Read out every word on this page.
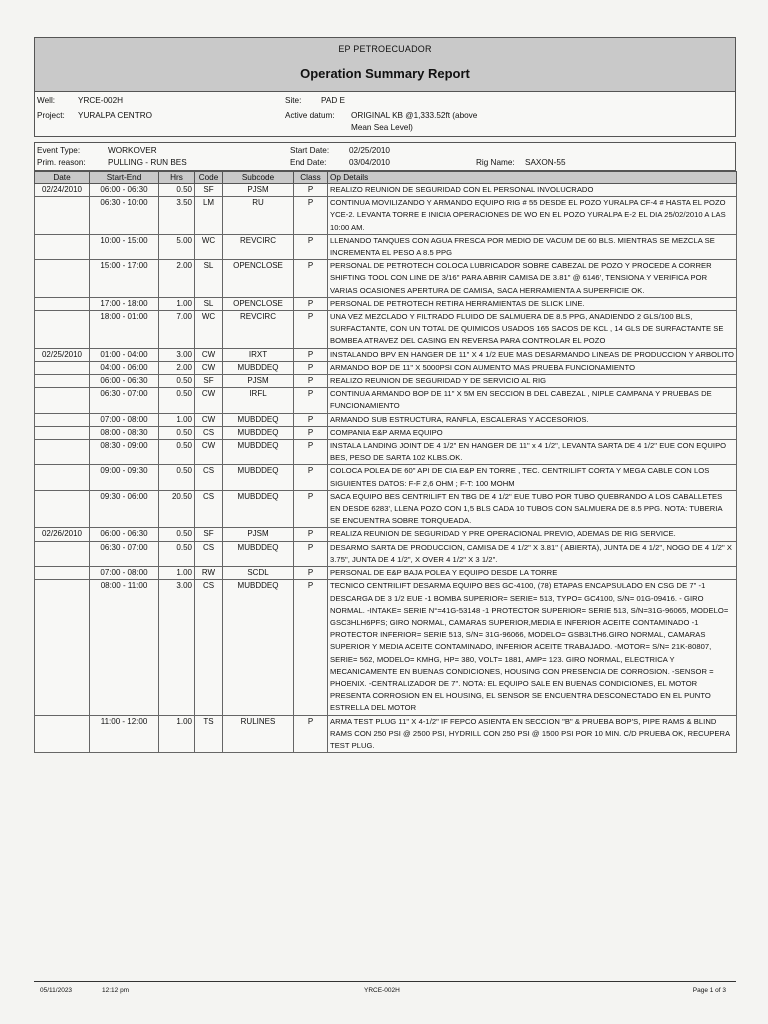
EP PETROECUADOR
Operation Summary Report
Well:	YRCE-002H
Project: YURALPA CENTRO
Site: PAD E
Active datum: ORIGINAL KB @1,333.52ft (above
Mean Sea Level)
Event Type:	WORKOVER
Prim. reason:	PULLING - RUN BES
Start Date: 02/25/2010
End Date:	03/04/2010	Rig Name: SAXON-55
Date	Start-End	Hrs	Code	Subcode	Class	Op Details
02/24/2010	06:00 - 06:30	0.50	SF	PJSM	P	REALIZO REUNION DE SEGURIDAD CON EL PERSONAL INVOLUCRADO
	06:30 - 10:00	3.50	LM	RU	P	CONTINUA MOVILIZANDO Y ARMANDO EQUIPO RIG # 55 DESDE EL POZO YURALPA CF-4 # HASTA EL POZO YCE-2. LEVANTA TORRE E INICIA OPERACIONES DE WO EN EL POZO YURALPA E-2 EL DIA 25/02/2010 A LAS 10:00 AM.
	10:00 - 15:00	5.00	WC	REVCIRC	P	LLENANDO TANQUES CON AGUA FRESCA POR MEDIO DE VACUM DE 60 BLS. MIENTRAS SE MEZCLA SE INCREMENTA EL PESO A 8.5 PPG
	15:00 - 17:00	2.00	SL	OPENCLOSE	P	PERSONAL DE PETROTECH COLOCA LUBRICADOR SOBRE CABEZAL DE POZO Y PROCEDE A CORRER SHIFTING TOOL CON LINE DE 3/16" PARA ABRIR CAMISA DE 3.81" @ 6146', TENSIONA Y VERIFICA POR VARIAS OCASIONES APERTURA DE CAMISA, SACA HERRAMIENTA A SUPERFICIE OK.
	17:00 - 18:00	1.00	SL	OPENCLOSE	P	PERSONAL DE PETROTECH RETIRA HERRAMIENTAS DE SLICK LINE.
	18:00 - 01:00	7.00	WC	REVCIRC	P	UNA VEZ MEZCLADO Y FILTRADO FLUIDO DE SALMUERA DE 8.5 PPG, ANADIENDO 2 GLS/100 BLS, SURFACTANTE, CON UN TOTAL DE QUIMICOS USADOS 165 SACOS DE KCL , 14 GLS DE SURFACTANTE SE BOMBEA ATRAVEZ DEL CASING EN REVERSA PARA CONTROLAR EL POZO
02/25/2010	01:00 - 04:00	3.00	CW	IRXT	P	INSTALANDO BPV EN HANGER DE 11" X 4 1/2 EUE MAS DESARMANDO LINEAS DE PRODUCCION Y ARBOLITO
	04:00 - 06:00	2.00	CW	MUBDDEQ	P	ARMANDO BOP DE 11" X 5000PSI CON AUMENTO MAS PRUEBA FUNCIONAMIENTO
	06:00 - 06:30	0.50	SF	PJSM	P	REALIZO REUNION DE SEGURIDAD Y DE SERVICIO AL RIG
	06:30 - 07:00	0.50	CW	IRFL	P	CONTINUA ARMANDO BOP DE 11" X 5M EN SECCION B DEL CABEZAL , NIPLE CAMPANA Y PRUEBAS DE FUNCIONAMIENTO
	07:00 - 08:00	1.00	CW	MUBDDEQ	P	ARMANDO SUB ESTRUCTURA, RANFLA, ESCALERAS Y ACCESORIOS.
	08:00 - 08:30	0.50	CS	MUBDDEQ	P	COMPANIA E&P ARMA EQUIPO
	08:30 - 09:00	0.50	CW	MUBDDEQ	P	INSTALA LANDING JOINT DE 4 1/2" EN HANGER DE 11" x 4 1/2", LEVANTA SARTA DE 4 1/2" EUE CON EQUIPO BES, PESO DE SARTA 102 KLBS.OK.
	09:00 - 09:30	0.50	CS	MUBDDEQ	P	COLOCA POLEA DE 60" API DE CIA E&P EN TORRE , TEC. CENTRILIFT CORTA Y MEGA CABLE CON LOS SIGUIENTES DATOS: F-F 2,6 OHM ; F-T: 100 MOHM
	09:30 - 06:00	20.50	CS	MUBDDEQ	P	SACA EQUIPO BES CENTRILIFT EN TBG DE 4 1/2" EUE TUBO POR TUBO QUEBRANDO A LOS CABALLETES EN DESDE 6283', LLENA POZO CON 1,5 BLS CADA 10 TUBOS CON SALMUERA DE 8.5 PPG. NOTA: TUBERIA SE ENCUENTRA SOBRE TORQUEADA.
02/26/2010	06:00 - 06:30	0.50	SF	PJSM	P	REALIZA REUNION DE SEGURIDAD Y PRE OPERACIONAL PREVIO, ADEMAS DE RIG SERVICE.
	06:30 - 07:00	0.50	CS	MUBDDEQ	P	DESARMO SARTA DE PRODUCCION, CAMISA DE 4 1/2" X 3.81" ( ABIERTA), JUNTA DE 4 1/2", NOGO DE 4 1/2" X 3.75", JUNTA DE 4 1/2", X OVER 4 1/2" X 3 1/2".
	07:00 - 08:00	1.00	RW	SCDL	P	PERSONAL DE E&P BAJA POLEA Y EQUIPO DESDE LA TORRE
	08:00 - 11:00	3.00	CS	MUBDDEQ	P	TECNICO CENTRILIFT DESARMA EQUIPO BES GC-4100, (78) ETAPAS ENCAPSULADO EN CSG DE 7" -1 DESCARGA DE 3 1/2 EUE -1 BOMBA SUPERIOR= SERIE= 513, TYPO= GC4100, S/N= 01G-09416. - GIRO NORMAL. -INTAKE= SERIE N°=41G-53148 -1 PROTECTOR SUPERIOR= SERIE 513, S/N=31G-96065, MODELO= GSC3HLH6PFS; GIRO NORMAL, CAMARAS SUPERIOR,MEDIA E INFERIOR ACEITE CONTAMINADO -1 PROTECTOR INFERIOR= SERIE 513, S/N= 31G-96066, MODELO= GSB3LTH6.GIRO NORMAL, CAMARAS SUPERIOR Y MEDIA ACEITE CONTAMINADO, INFERIOR ACEITE TRABAJADO. -MOTOR= S/N= 21K-80807, SERIE= 562, MODELO= KMHG, HP= 380, VOLT= 1881, AMP= 123. GIRO NORMAL, ELECTRICA Y MECANICAMENTE EN BUENAS CONDICIONES, HOUSING CON PRESENCIA DE CORROSION. -SENSOR = PHOENIX. -CENTRALIZADOR DE 7". NOTA: EL EQUIPO SALE EN BUENAS CONDICIONES, EL MOTOR PRESENTA CORROSION EN EL HOUSING, EL SENSOR SE ENCUENTRA DESCONECTADO EN EL PUNTO ESTRELLA DEL MOTOR
	11:00 - 12:00	1.00	TS	RULINES	P	ARMA TEST PLUG 11" X 4-1/2" IF FEPCO ASIENTA EN SECCION "B" & PRUEBA BOP'S, PIPE RAMS & BLIND RAMS CON 250 PSI @ 2500 PSI, HYDRILL CON 250 PSI @ 1500 PSI POR 10 MIN. C/D PRUEBA OK, RECUPERA TEST PLUG.
05/11/2023	12:12 pm	YRCE-002H	Page 1 of 3
